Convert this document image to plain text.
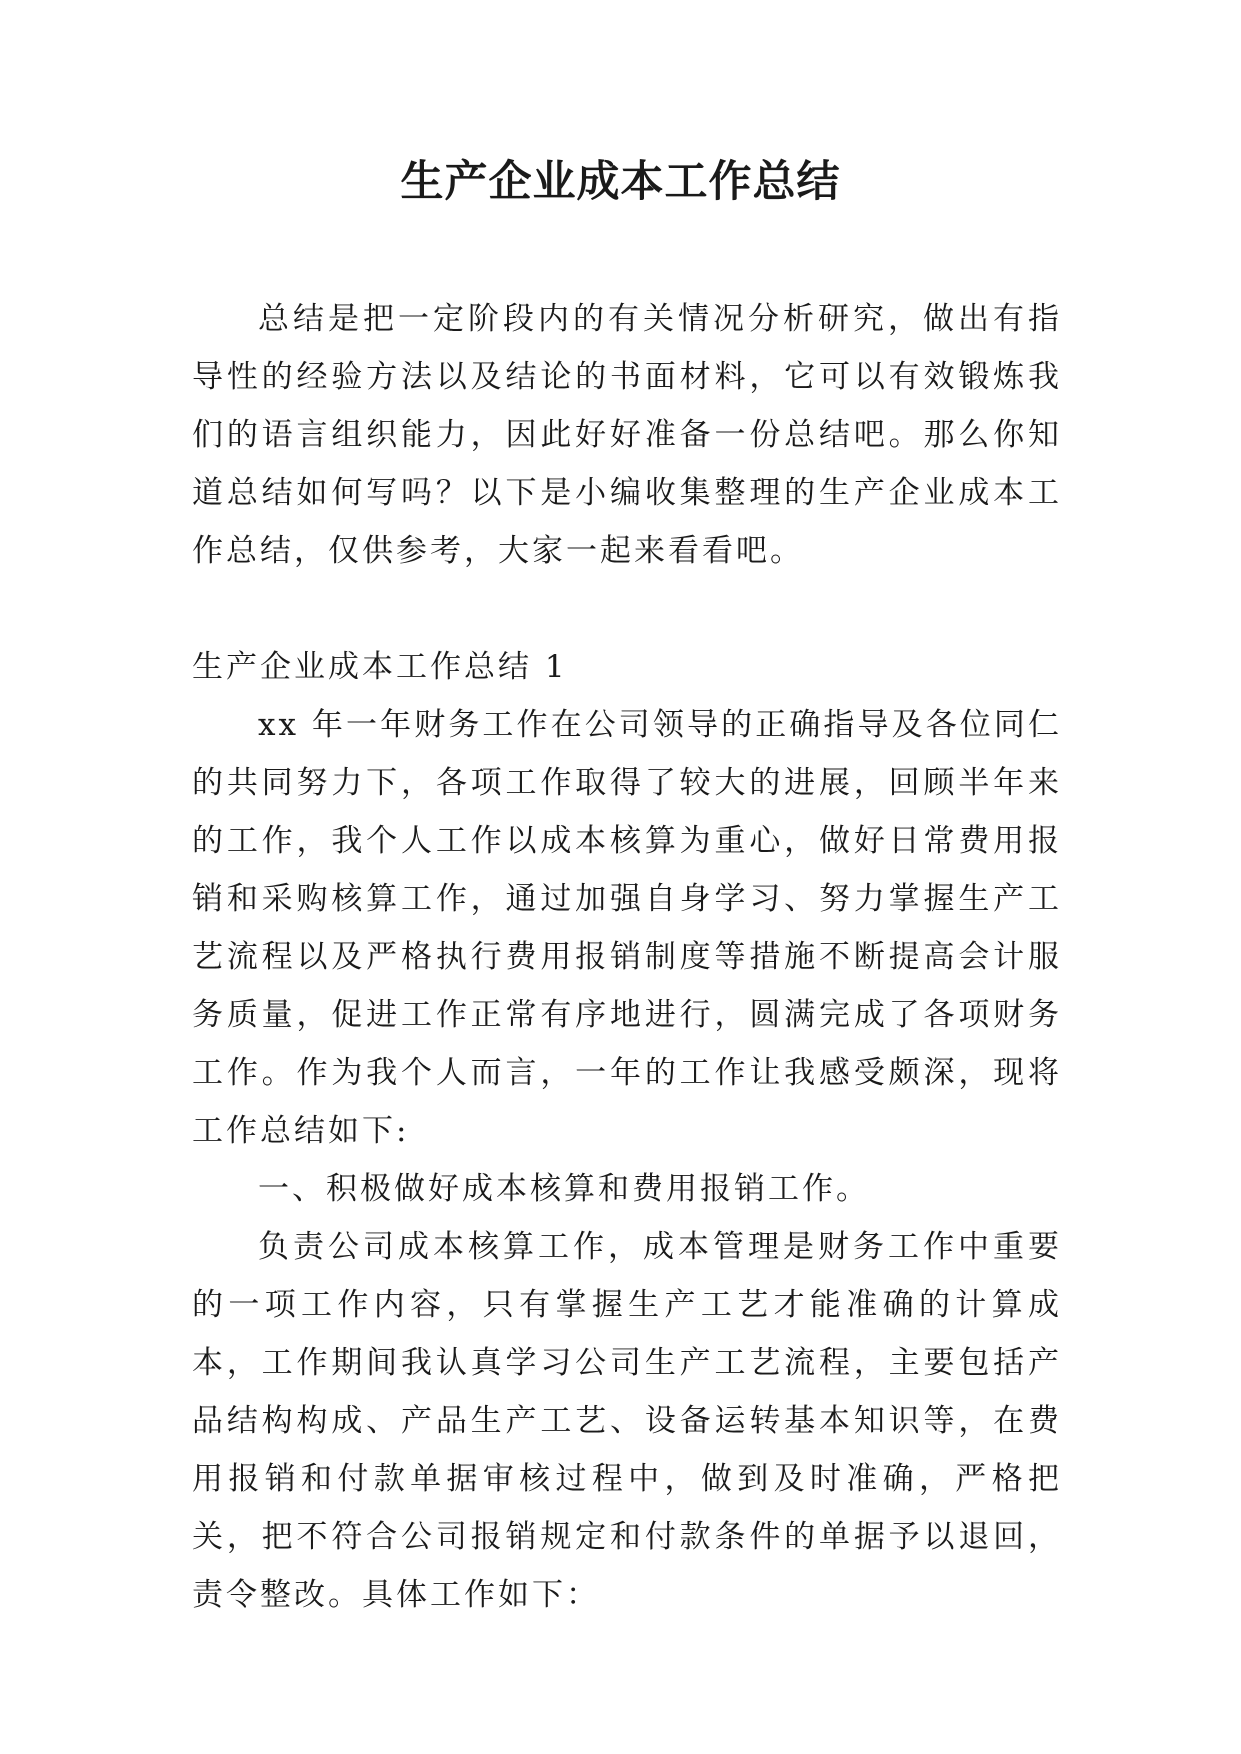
生产企业成本工作总结

总结是把一定阶段内的有关情况分析研究，做出有指导性的经验方法以及结论的书面材料，它可以有效锻炼我们的语言组织能力，因此好好准备一份总结吧。那么你知道总结如何写吗？以下是小编收集整理的生产企业成本工作总结，仅供参考，大家一起来看看吧。

生产企业成本工作总结 1

xx 年一年财务工作在公司领导的正确指导及各位同仁的共同努力下，各项工作取得了较大的进展，回顾半年来的工作，我个人工作以成本核算为重心，做好日常费用报销和采购核算工作，通过加强自身学习、努力掌握生产工艺流程以及严格执行费用报销制度等措施不断提高会计服务质量，促进工作正常有序地进行，圆满完成了各项财务工作。作为我个人而言，一年的工作让我感受颇深，现将工作总结如下:

一、积极做好成本核算和费用报销工作。

负责公司成本核算工作，成本管理是财务工作中重要的一项工作内容，只有掌握生产工艺才能准确的计算成本，工作期间我认真学习公司生产工艺流程，主要包括产品结构构成、产品生产工艺、设备运转基本知识等，在费用报销和付款单据审核过程中，做到及时准确，严格把关，把不符合公司报销规定和付款条件的单据予以退回，责令整改。具体工作如下：
